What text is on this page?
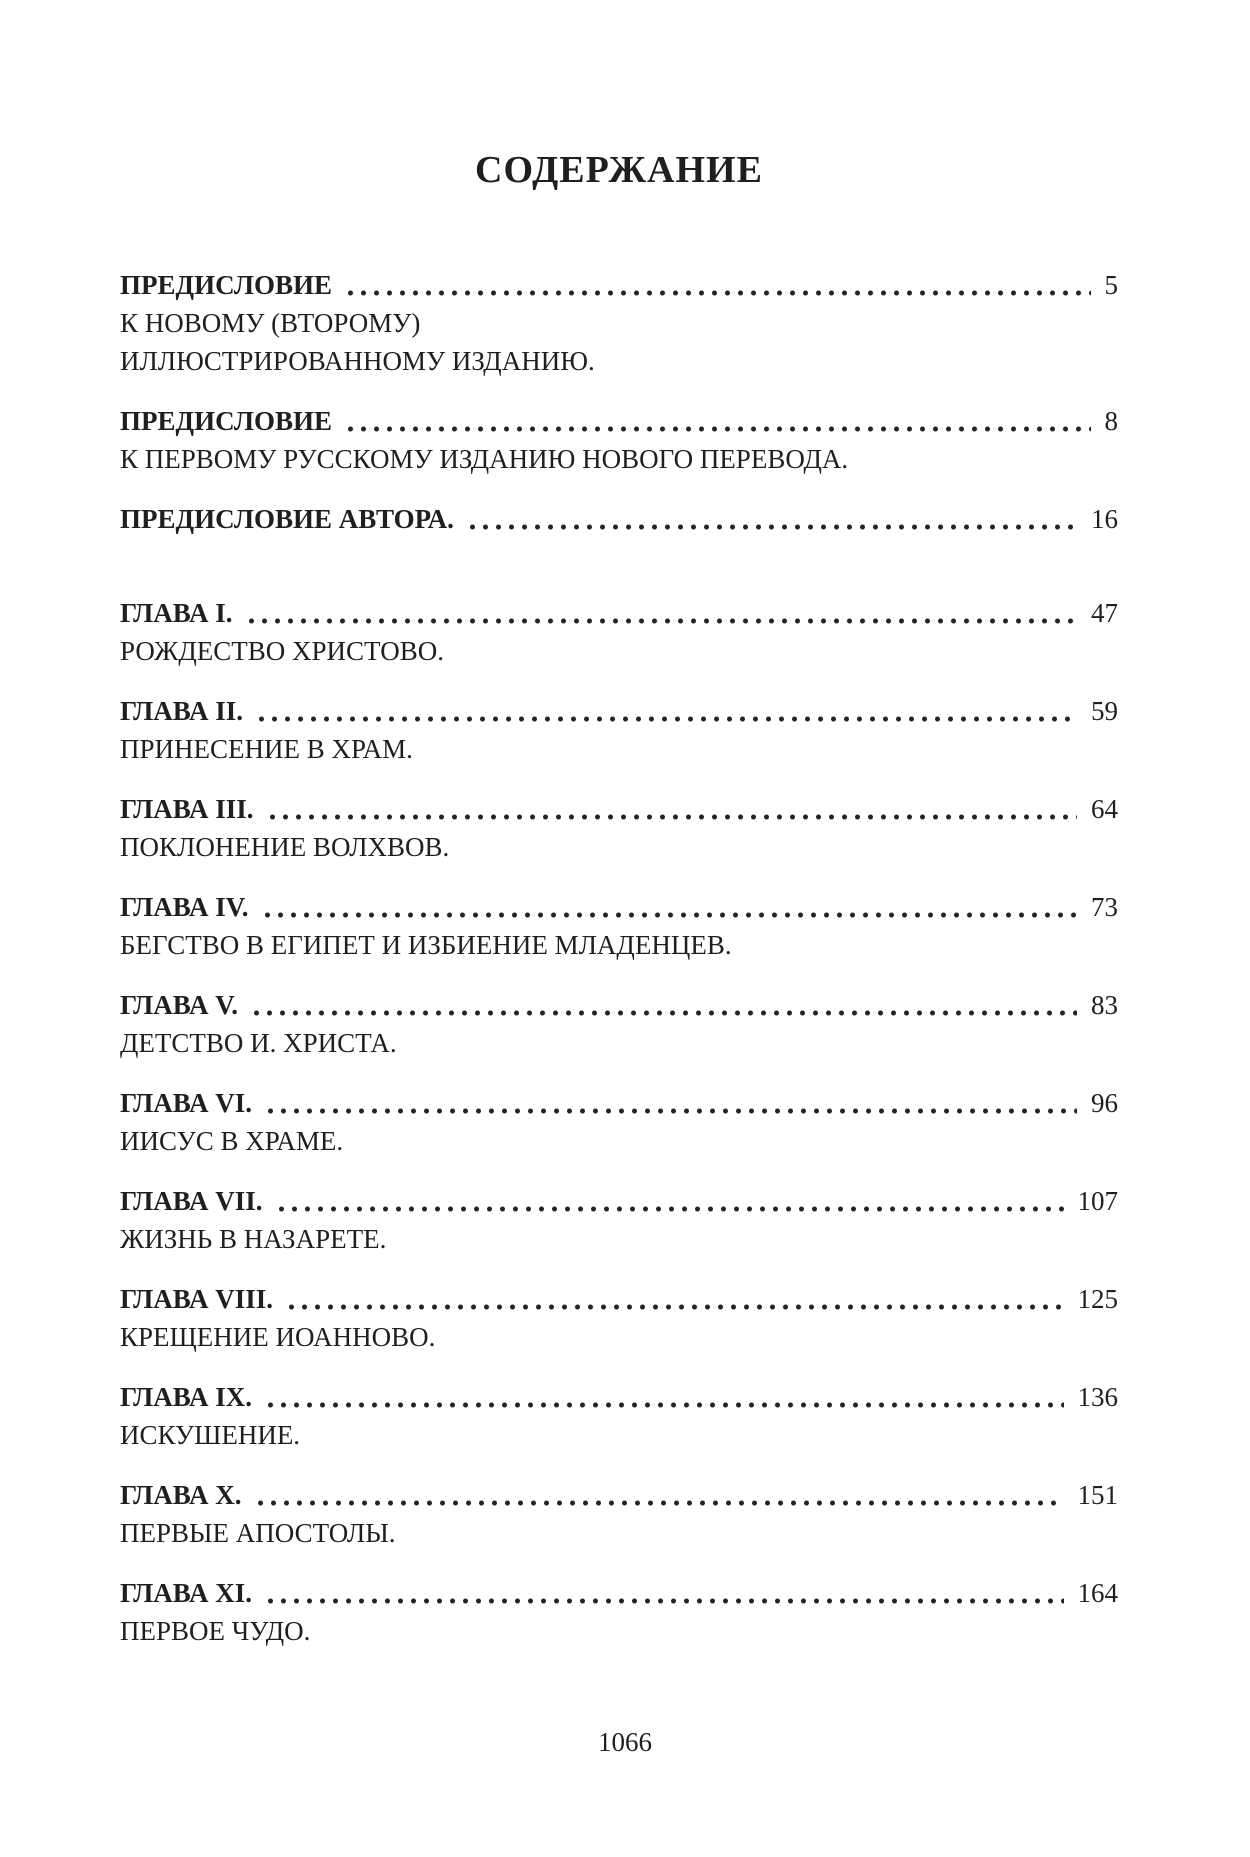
СОДЕРЖАНИЕ
ПРЕДИСЛОВИЕ	5
К НОВОМУ (ВТОРОМУ)
ИЛЛЮСТРИРОВАННОМУ ИЗДАНИЮ.
ПРЕДИСЛОВИЕ	8
К ПЕРВОМУ РУССКОМУ ИЗДАНИЮ НОВОГО ПЕРЕВОДА.
ПРЕДИСЛОВИЕ АВТОРА.	16
ГЛАВА I.	47
РОЖДЕСТВО ХРИСТОВО.
ГЛАВА II.	59
ПРИНЕСЕНИЕ В ХРАМ.
ГЛАВА III.	64
ПОКЛОНЕНИЕ ВОЛХВОВ.
ГЛАВА IV.	73
БЕГСТВО В ЕГИПЕТ И ИЗБИЕНИЕ МЛАДЕНЦЕВ.
ГЛАВА V.	83
ДЕТСТВО И. ХРИСТА.
ГЛАВА VI.	96
ИИСУС В ХРАМЕ.
ГЛАВА VII.	107
ЖИЗНЬ В НАЗАРЕТЕ.
ГЛАВА VIII.	125
КРЕЩЕНИЕ ИОАННОВО.
ГЛАВА IX.	136
ИСКУШЕНИЕ.
ГЛАВА X.	151
ПЕРВЫЕ АПОСТОЛЫ.
ГЛАВА XI.	164
ПЕРВОЕ ЧУДО.
1066
